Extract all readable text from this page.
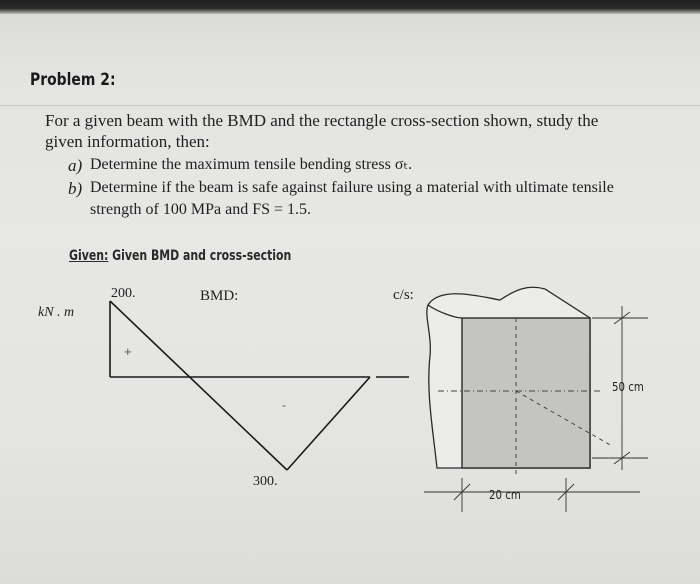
Problem 2:
For a given beam with the BMD and the rectangle cross-section shown, study the
given information, then:
a) Determine the maximum tensile bending stress σₜ.
b) Determine if the beam is safe against failure using a material with ultimate tensile
strength of 100 MPa and FS = 1.5.
Given: Given BMD and cross-section
200.	BMD:
kN . m
+
-
300.
c/s:
50 cm
20 cm
